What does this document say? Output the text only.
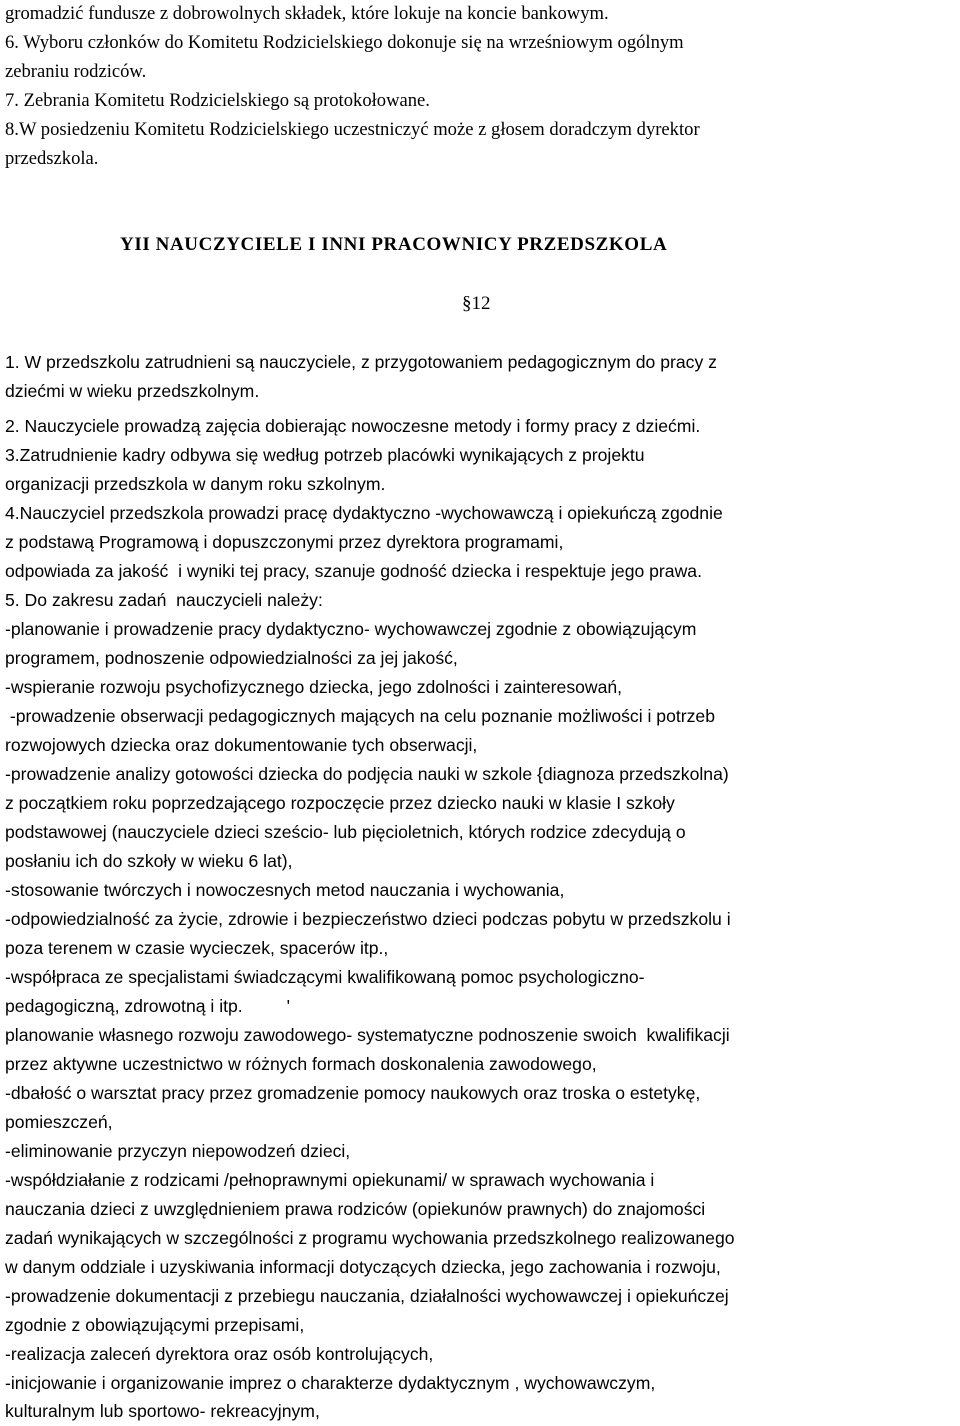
gromadzić fundusze z dobrowolnych składek, które lokuje na koncie bankowym.
6. Wyboru członków do Komitetu Rodzicielskiego dokonuje się na wrześniowym ogólnym
zebraniu rodziców.
7. Zebrania Komitetu Rodzicielskiego są protokołowane.
8.W posiedzeniu Komitetu Rodzicielskiego uczestniczyć może z głosem doradczym dyrektor
przedszkola.
YII NAUCZYCIELE I INNI PRACOWNICY PRZEDSZKOLA
§12
1. W przedszkolu zatrudnieni są nauczyciele, z przygotowaniem pedagogicznym do pracy z
dziećmi w wieku przedszkolnym.
2. Nauczyciele prowadzą zajęcia dobierając nowoczesne metody i formy pracy z dziećmi.
3.Zatrudnienie kadry odbywa się według potrzeb placówki wynikających z projektu
organizacji przedszkola w danym roku szkolnym.
4.Nauczyciel przedszkola prowadzi pracę dydaktyczno -wychowawczą i opiekuńczą zgodnie
z podstawą Programową i dopuszczonymi przez dyrektora programami,
odpowiada za jakość  i wyniki tej pracy, szanuje godność dziecka i respektuje jego prawa.
5. Do zakresu zadań  nauczycieli należy:
-planowanie i prowadzenie pracy dydaktyczno- wychowawczej zgodnie z obowiązującym
programem, podnoszenie odpowiedzialności za jej jakość,
-wspieranie rozwoju psychofizycznego dziecka, jego zdolności i zainteresowań,
-prowadzenie obserwacji pedagogicznych mających na celu poznanie możliwości i potrzeb
rozwojowych dziecka oraz dokumentowanie tych obserwacji,
-prowadzenie analizy gotowości dziecka do podjęcia nauki w szkole {diagnoza przedszkolna)
z początkiem roku poprzedzającego rozpoczęcie przez dziecko nauki w klasie I szkoły
podstawowej (nauczyciele dzieci sześcio- lub pięcioletnich, których rodzice zdecydują o
posłaniu ich do szkoły w wieku 6 lat),
-stosowanie twórczych i nowoczesnych metod nauczania i wychowania,
-odpowiedzialność za życie, zdrowie i bezpieczeństwo dzieci podczas pobytu w przedszkolu i
poza terenem w czasie wycieczek, spacerów itp.,
-współpraca ze specjalistami świadczącymi kwalifikowaną pomoc psychologiczno-
pedagogiczną, zdrowotną i itp.         '
planowanie własnego rozwoju zawodowego- systematyczne podnoszenie swoich  kwalifikacji
przez aktywne uczestnictwo w różnych formach doskonalenia zawodowego,
-dbałość o warsztat pracy przez gromadzenie pomocy naukowych oraz troska o estetykę,
pomieszczeń,
-eliminowanie przyczyn niepowodzeń dzieci,
-współdziałanie z rodzicami /pełnoprawnymi opiekunami/ w sprawach wychowania i
nauczania dzieci z uwzględnieniem prawa rodziców (opiekunów prawnych) do znajomości
zadań wynikających w szczególności z programu wychowania przedszkolnego realizowanego
w danym oddziale i uzyskiwania informacji dotyczących dziecka, jego zachowania i rozwoju,
-prowadzenie dokumentacji z przebiegu nauczania, działalności wychowawczej i opiekuńczej
zgodnie z obowiązującymi przepisami,
-realizacja zaleceń dyrektora oraz osób kontrolujących,
-inicjowanie i organizowanie imprez o charakterze dydaktycznym , wychowawczym,
kulturalnym lub sportowo- rekreacyjnym,
